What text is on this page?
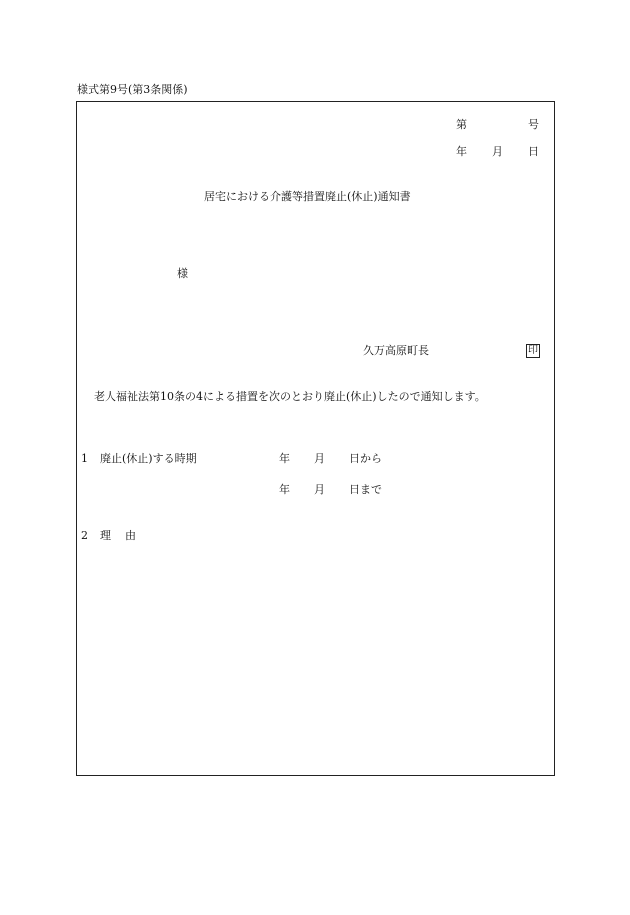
様式第9号(第3条関係)
第	号
年 月 日
居宅における介護等措置廃止(休止)通知書
様
久万高原町長	印
老人福祉法第10条の4による措置を次のとおり廃止(休止)したので通知します。
1 廃止(休止)する時期	年 月 日から
年 月 日まで
2 理 由
